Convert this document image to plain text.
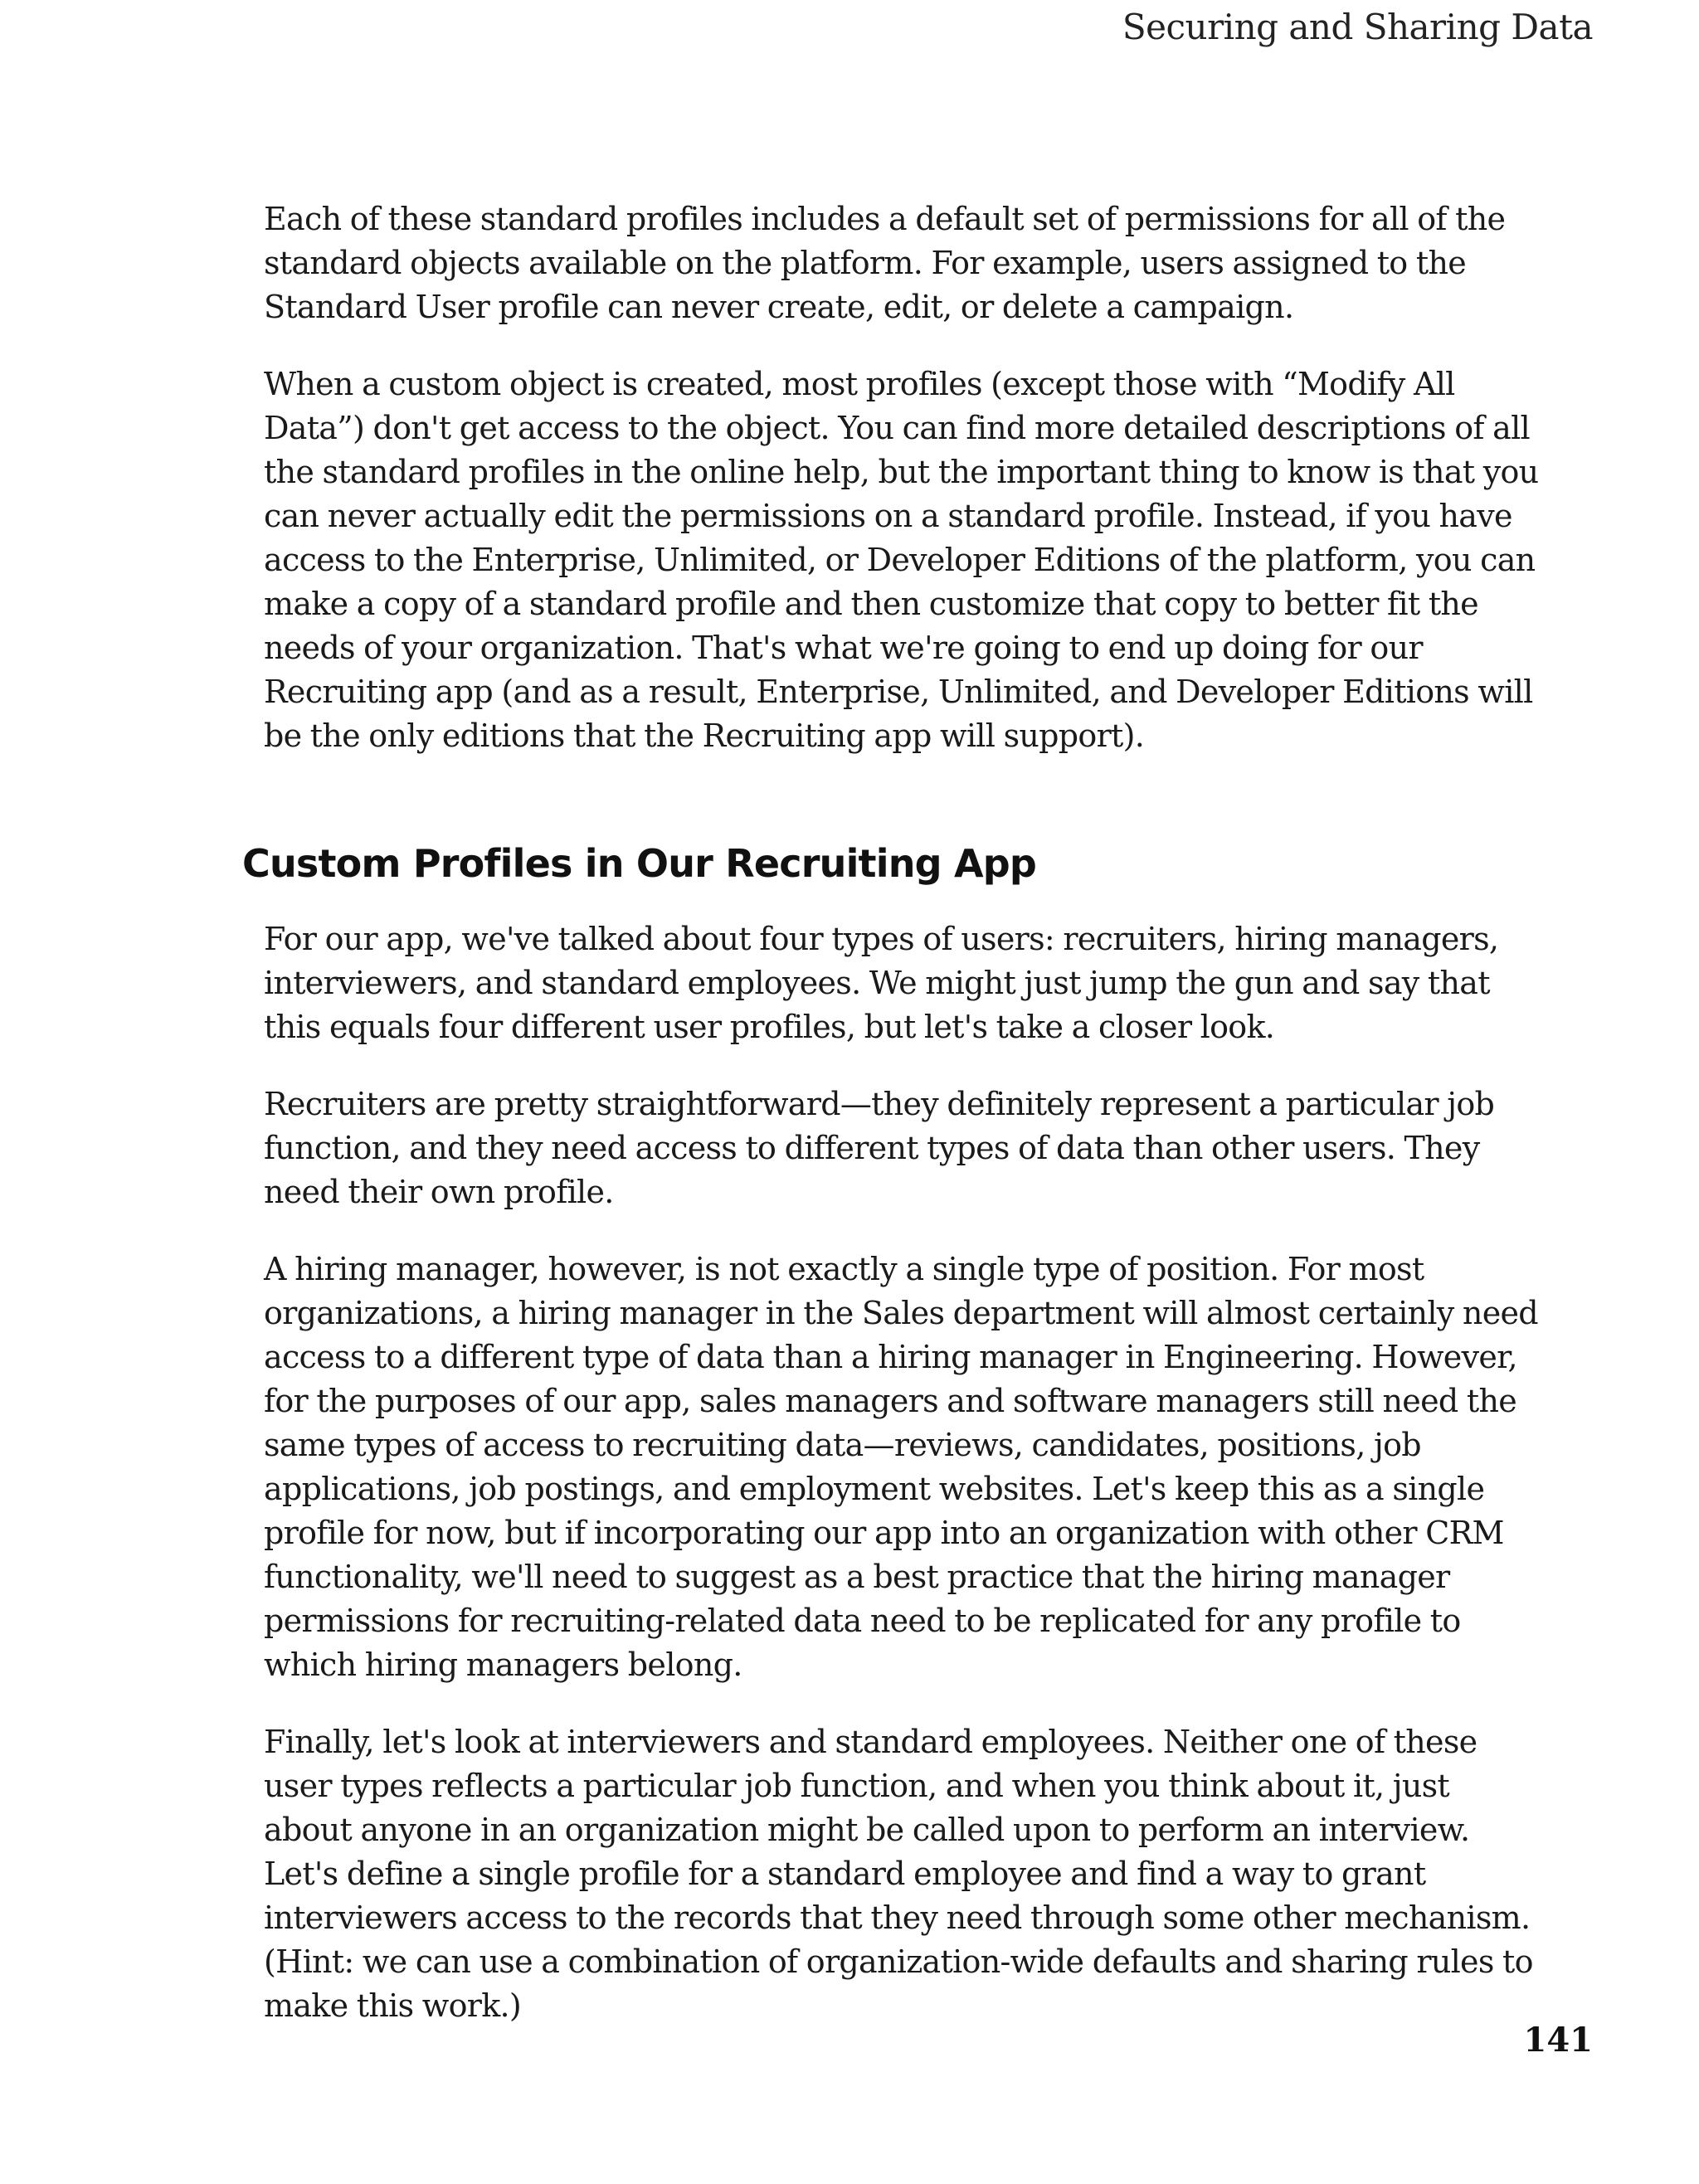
Securing and Sharing Data

Each of these standard profiles includes a default set of permissions for all of the standard objects available on the platform. For example, users assigned to the Standard User profile can never create, edit, or delete a campaign.

When a custom object is created, most profiles (except those with “Modify All Data”) don't get access to the object. You can find more detailed descriptions of all the standard profiles in the online help, but the important thing to know is that you can never actually edit the permissions on a standard profile. Instead, if you have access to the Enterprise, Unlimited, or Developer Editions of the platform, you can make a copy of a standard profile and then customize that copy to better fit the needs of your organization. That's what we're going to end up doing for our Recruiting app (and as a result, Enterprise, Unlimited, and Developer Editions will be the only editions that the Recruiting app will support).

Custom Profiles in Our Recruiting App

For our app, we've talked about four types of users: recruiters, hiring managers, interviewers, and standard employees. We might just jump the gun and say that this equals four different user profiles, but let's take a closer look.

Recruiters are pretty straightforward—they definitely represent a particular job function, and they need access to different types of data than other users. They need their own profile.

A hiring manager, however, is not exactly a single type of position. For most organizations, a hiring manager in the Sales department will almost certainly need access to a different type of data than a hiring manager in Engineering. However, for the purposes of our app, sales managers and software managers still need the same types of access to recruiting data—reviews, candidates, positions, job applications, job postings, and employment websites. Let's keep this as a single profile for now, but if incorporating our app into an organization with other CRM functionality, we'll need to suggest as a best practice that the hiring manager permissions for recruiting-related data need to be replicated for any profile to which hiring managers belong.

Finally, let's look at interviewers and standard employees. Neither one of these user types reflects a particular job function, and when you think about it, just about anyone in an organization might be called upon to perform an interview. Let's define a single profile for a standard employee and find a way to grant interviewers access to the records that they need through some other mechanism. (Hint: we can use a combination of organization-wide defaults and sharing rules to make this work.)

141
